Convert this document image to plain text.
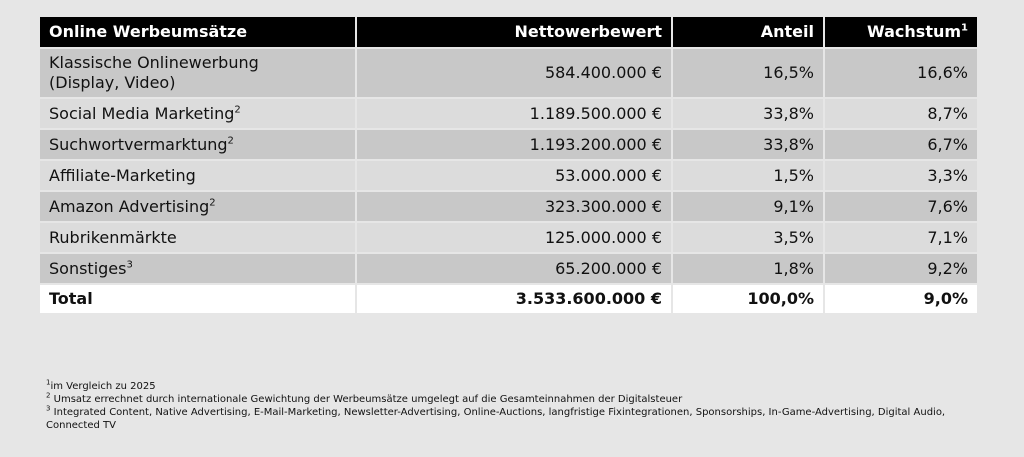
Online Werbeumsätze	Nettowerbewert	Anteil	Wachstum$^1$
Klassische Onlinewerbung
(Display, Video)	584.400.000 €	16,5%	16,6%
Social Media Marketing$^2$	1.189.500.000 €	33,8%	8,7%
Suchwortvermarktung$^2$	1.193.200.000 €	33,8%	6,7%
Affiliate-Marketing	53.000.000 €	1,5%	3,3%
Amazon Advertising$^2$	323.300.000 €	9,1%	7,6%
Rubrikenmärkte	125.000.000 €	3,5%	7,1%
Sonstiges$^3$	65.200.000 €	1,8%	9,2%
Total	3.533.600.000 €	100,0%	9,0%
$^1$im Vergleich zu 2025
$^2$ Umsatz errechnet durch internationale Gewichtung der Werbeumsätze umgelegt auf die Gesamteinnahmen der Digitalsteuer
$^3$ Integrated Content, Native Advertising, E-Mail-Marketing, Newsletter-Advertising, Online-Auctions, langfristige Fixintegrationen, Sponsorships, In-Game-Advertising, Digital Audio, Connected TV
